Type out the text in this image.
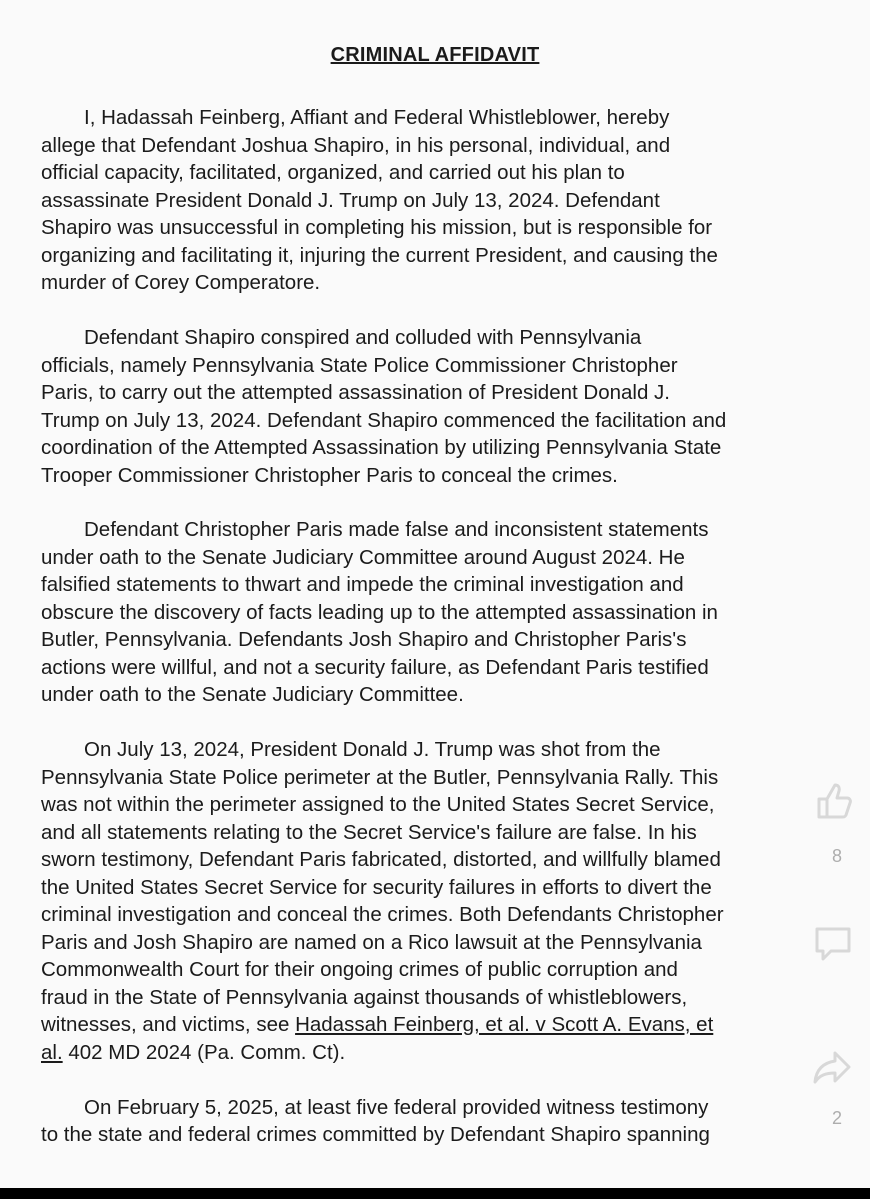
CRIMINAL AFFIDAVIT
I, Hadassah Feinberg, Affiant and Federal Whistleblower, hereby
allege that Defendant Joshua Shapiro, in his personal, individual, and
official capacity, facilitated, organized, and carried out his plan to
assassinate President Donald J. Trump on July 13, 2024. Defendant
Shapiro was unsuccessful in completing his mission, but is responsible for
organizing and facilitating it, injuring the current President, and causing the
murder of Corey Comperatore.
Defendant Shapiro conspired and colluded with Pennsylvania
officials, namely Pennsylvania State Police Commissioner Christopher
Paris, to carry out the attempted assassination of President Donald J.
Trump on July 13, 2024. Defendant Shapiro commenced the facilitation and
coordination of the Attempted Assassination by utilizing Pennsylvania State
Trooper Commissioner Christopher Paris to conceal the crimes.
Defendant Christopher Paris made false and inconsistent statements
under oath to the Senate Judiciary Committee around August 2024. He
falsified statements to thwart and impede the criminal investigation and
obscure the discovery of facts leading up to the attempted assassination in
Butler, Pennsylvania. Defendants Josh Shapiro and Christopher Paris's
actions were willful, and not a security failure, as Defendant Paris testified
under oath to the Senate Judiciary Committee.
On July 13, 2024, President Donald J. Trump was shot from the
Pennsylvania State Police perimeter at the Butler, Pennsylvania Rally. This
was not within the perimeter assigned to the United States Secret Service,
and all statements relating to the Secret Service's failure are false. In his
sworn testimony, Defendant Paris fabricated, distorted, and willfully blamed
the United States Secret Service for security failures in efforts to divert the
criminal investigation and conceal the crimes. Both Defendants Christopher
Paris and Josh Shapiro are named on a Rico lawsuit at the Pennsylvania
Commonwealth Court for their ongoing crimes of public corruption and
fraud in the State of Pennsylvania against thousands of whistleblowers,
witnesses, and victims, see Hadassah Feinberg, et al. v Scott A. Evans, et
al. 402 MD 2024 (Pa. Comm. Ct).
On February 5, 2025, at least five federal provided witness testimony
to the state and federal crimes committed by Defendant Shapiro spanning
8
2
